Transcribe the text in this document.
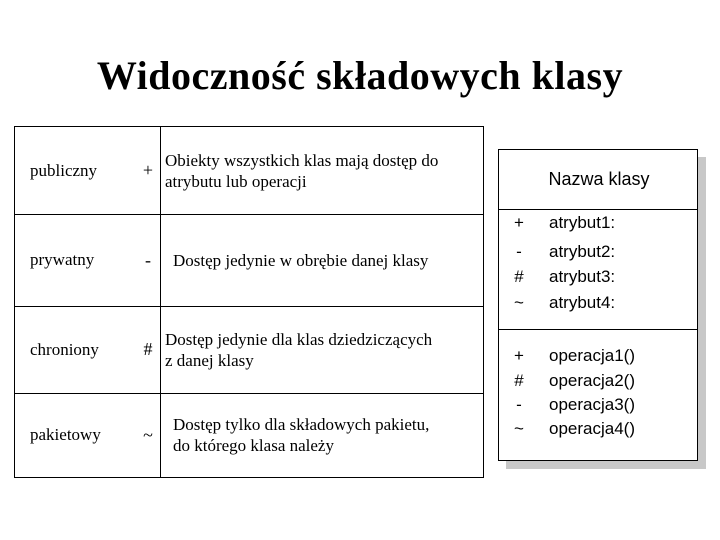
Widoczność składowych klasy
publiczny	+ Obiekty wszystkich klas mają dostęp do
atrybutu lub operacji
prywatny	-	Dostęp jedynie w obrębie danej klasy
chroniony	# Dostęp jedynie dla klas dziedziczących
z danej klasy
pakietowy	~	Dostęp tylko dla składowych pakietu,
do którego klasa należy
Nazwa klasy
+ atrybut1:
-	atrybut2:
# atrybut3:
~ atrybut4:
+ operacja1()
# operacja2()
-	operacja3()
~ operacja4()
